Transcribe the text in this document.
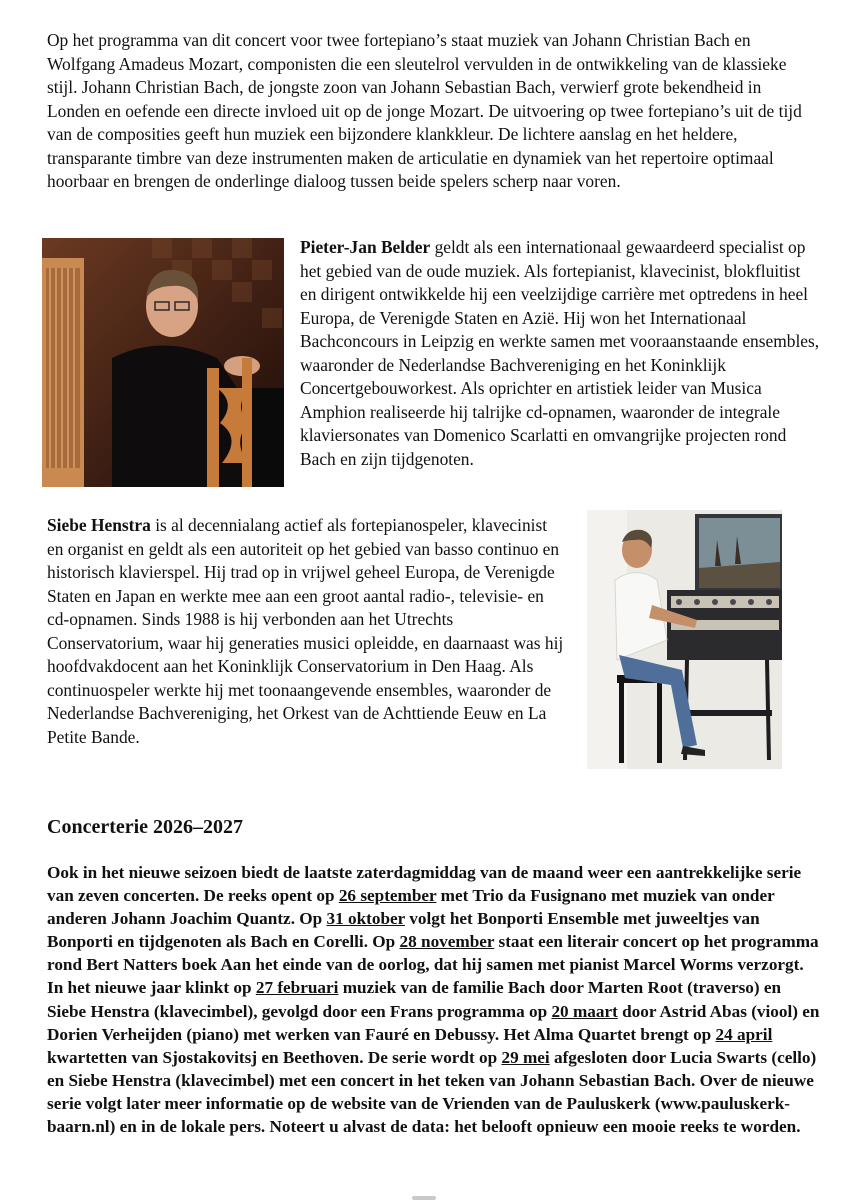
Op het programma van dit concert voor twee fortepiano’s staat muziek van Johann Christian Bach en Wolfgang Amadeus Mozart, componisten die een sleutelrol vervulden in de ontwikkeling van de klassieke stijl. Johann Christian Bach, de jongste zoon van Johann Sebastian Bach, verwierf grote bekendheid in Londen en oefende een directe invloed uit op de jonge Mozart. De uitvoering op twee fortepiano’s uit de tijd van de composities geeft hun muziek een bijzondere klankkleur. De lichtere aanslag en het heldere, transparante timbre van deze instrumenten maken de articulatie en dynamiek van het repertoire optimaal hoorbaar en brengen de onderlinge dialoog tussen beide spelers scherp naar voren.

Pieter-Jan Belder geldt als een internationaal gewaardeerd specialist op het gebied van de oude muziek. Als fortepianist, klavecinist, blokfluitist en dirigent ontwikkelde hij een veelzijdige carrière met optredens in heel Europa, de Verenigde Staten en Azië. Hij won het Internationaal Bachconcours in Leipzig en werkte samen met vooraanstaande ensembles, waaronder de Nederlandse Bachvereniging en het Koninklijk Concertgebouworkest. Als oprichter en artistiek leider van Musica Amphion realiseerde hij talrijke cd-opnamen, waaronder de integrale klaviersonates van Domenico Scarlatti en omvangrijke projecten rond Bach en zijn tijdgenoten.

Siebe Henstra is al decennialang actief als fortepianospeler, klavecinist en organist en geldt als een autoriteit op het gebied van basso continuo en historisch klavierspel. Hij trad op in vrijwel geheel Europa, de Verenigde Staten en Japan en werkte mee aan een groot aantal radio-, televisie- en cd-opnamen. Sinds 1988 is hij verbonden aan het Utrechts Conservatorium, waar hij generaties musici opleidde, en daarnaast was hij hoofdvakdocent aan het Koninklijk Conservatorium in Den Haag. Als continuospeler werkte hij met toonaangevende ensembles, waaronder de Nederlandse Bachvereniging, het Orkest van de Achttiende Eeuw en La Petite Bande.

Concerterie 2026–2027

Ook in het nieuwe seizoen biedt de laatste zaterdagmiddag van de maand weer een aantrekkelijke serie van zeven concerten. De reeks opent op 26 september met Trio da Fusignano met muziek van onder anderen Johann Joachim Quantz. Op 31 oktober volgt het Bonporti Ensemble met juweeltjes van Bonporti en tijdgenoten als Bach en Corelli. Op 28 november staat een literair concert op het programma rond Bert Natters boek Aan het einde van de oorlog, dat hij samen met pianist Marcel Worms verzorgt. In het nieuwe jaar klinkt op 27 februari muziek van de familie Bach door Marten Root (traverso) en Siebe Henstra (klavecimbel), gevolgd door een Frans programma op 20 maart door Astrid Abas (viool) en Dorien Verheijden (piano) met werken van Fauré en Debussy. Het Alma Quartet brengt op 24 april kwartetten van Sjostakovitsj en Beethoven. De serie wordt op 29 mei afgesloten door Lucia Swarts (cello) en Siebe Henstra (klavecimbel) met een concert in het teken van Johann Sebastian Bach. Over de nieuwe serie volgt later meer informatie op de website van de Vrienden van de Pauluskerk (www.pauluskerk-baarn.nl) en in de lokale pers. Noteert u alvast de data: het belooft opnieuw een mooie reeks te worden.
